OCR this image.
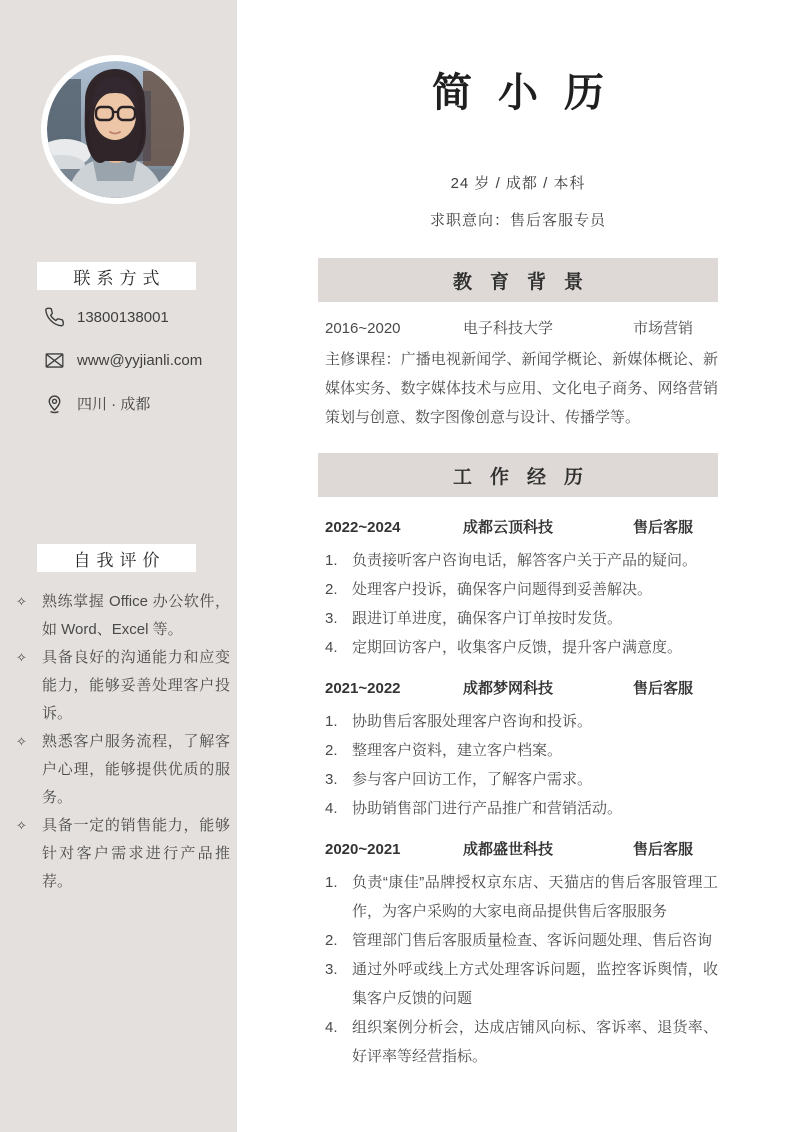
联系方式
13800138001
www@yyjianli.com
四川 · 成都
自我评价
✧	熟练掌握 Office 办公软件，如 Word、Excel 等。
✧	具备良好的沟通能力和应变能力，能够妥善处理客户投诉。
✧	熟悉客户服务流程，了解客户心理，能够提供优质的服务。
✧	具备一定的销售能力，能够针对客户需求进行产品推荐。
简小历
24 岁 / 成都 / 本科
求职意向：售后客服专员
教育背景
2016~2020	电子科技大学	市场营销

主修课程：广播电视新闻学、新闻学概论、新媒体概论、新媒体实务、数字媒体技术与应用、文化电子商务、网络营销策划与创意、数字图像创意与设计、传播学等。

工作经历
2022~2024	成都云顶科技	售后客服
1. 负责接听客户咨询电话，解答客户关于产品的疑问。
2. 处理客户投诉，确保客户问题得到妥善解决。
3. 跟进订单进度，确保客户订单按时发货。
4. 定期回访客户，收集客户反馈，提升客户满意度。
2021~2022	成都梦网科技	售后客服
1. 协助售后客服处理客户咨询和投诉。
2. 整理客户资料，建立客户档案。
3. 参与客户回访工作，了解客户需求。
4. 协助销售部门进行产品推广和营销活动。
2020~2021	成都盛世科技	售后客服
1. 负责“康佳”品牌授权京东店、天猫店的售后客服管理工作，为客户采购的大家电商品提供售后客服服务
2. 管理部门售后客服质量检查、客诉问题处理、售后咨询
3. 通过外呼或线上方式处理客诉问题，监控客诉舆情，收集客户反馈的问题
4. 组织案例分析会，达成店铺风向标、客诉率、退货率、好评率等经营指标。
